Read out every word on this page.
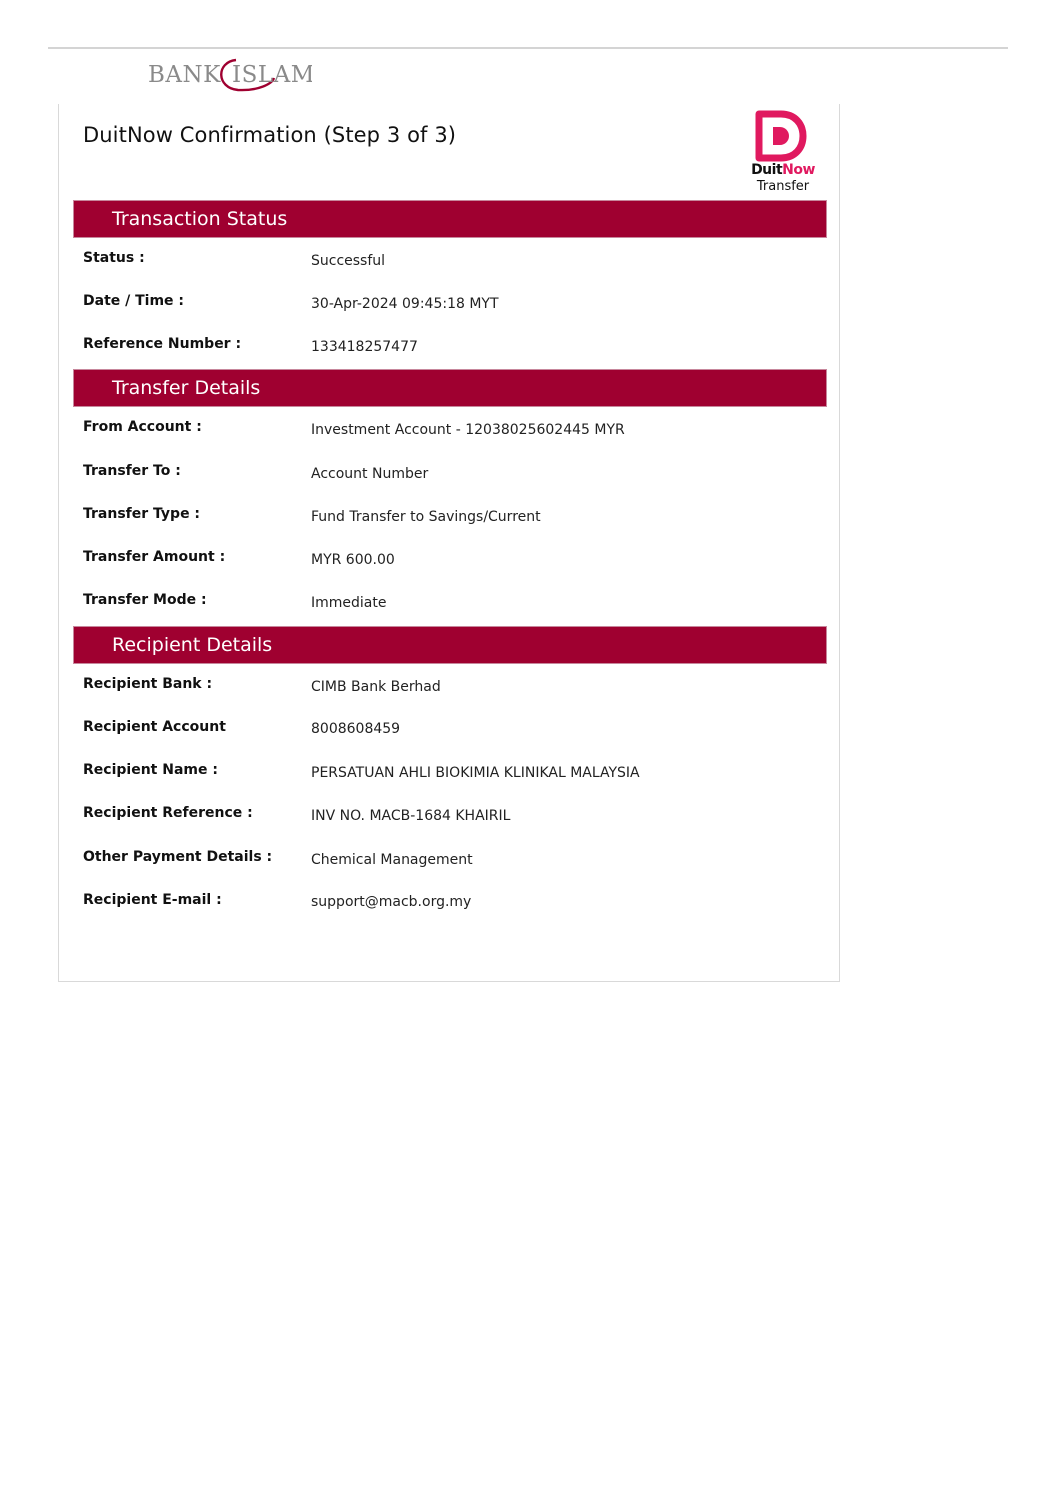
BANK ISLAM
DuitNow Confirmation (Step 3 of 3)
DuitNow
Transfer
Transaction Status
Status :	Successful
Date / Time :	30-Apr-2024 09:45:18 MYT
Reference Number :	133418257477
Transfer Details
From Account :	Investment Account - 12038025602445 MYR
Transfer To :	Account Number
Transfer Type :	Fund Transfer to Savings/Current
Transfer Amount :	MYR 600.00
Transfer Mode :	Immediate
Recipient Details
Recipient Bank :	CIMB Bank Berhad
Recipient Account	8008608459
Recipient Name :	PERSATUAN AHLI BIOKIMIA KLINIKAL MALAYSIA
Recipient Reference :	INV NO. MACB-1684 KHAIRIL
Other Payment Details :	Chemical Management
Recipient E-mail :	support@macb.org.my
